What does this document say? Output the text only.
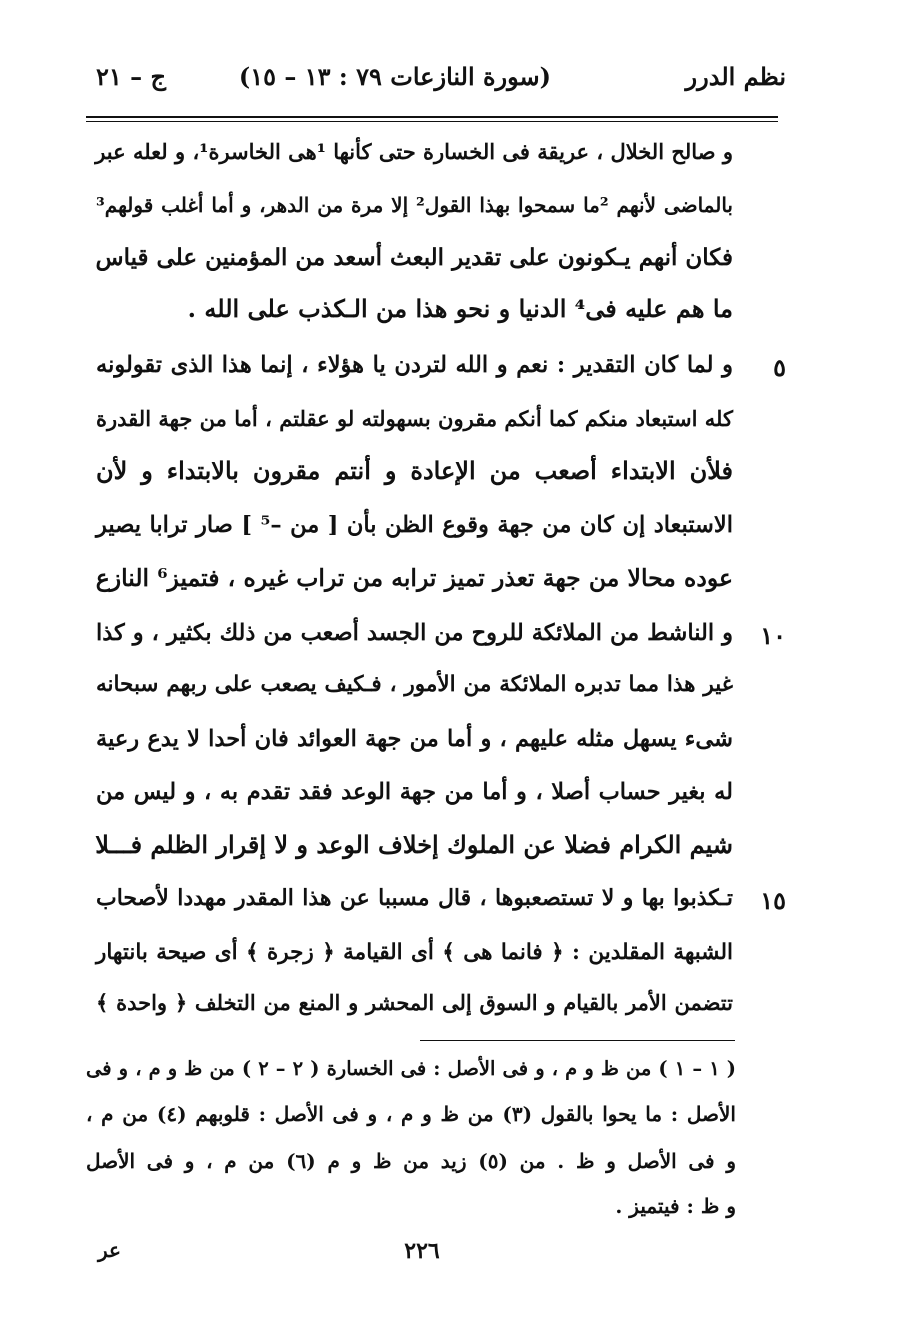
نظم الدرر
(سورة النازعات ٧٩ : ١٣ – ١٥)
ج – ٢١
و صالح الخلال ، عريقة فى الخسارة حتى كأنها ¹هى الخاسرة¹، و لعله عبر
بالماضى لأنهم ²ما سمحوا بهذا القول² إلا مرة من الدهر، و أما أغلب قولهم³
فكان أنهم يـكونون على تقدير البعث أسعد من المؤمنين على قياس
ما هم عليه فى⁴ الدنيا و نحو هذا من الـكذب على الله .
و لما كان التقدير : نعم و الله لتردن يا هؤلاء ، إنما هذا الذى تقولونه
كله استبعاد منكم كما أنكم مقرون بسهولته لو عقلتم ، أما من جهة القدرة
فلأن الابتداء أصعب من الإعادة و أنتم مقرون بالابتداء و لأن
الاستبعاد إن كان من جهة وقوع الظن بأن [ من –⁵ ] صار ترابا يصير
عوده محالا من جهة تعذر تميز ترابه من تراب غيره ، فتميز⁶ النازع
و الناشط من الملائكة للروح من الجسد أصعب من ذلك بكثير ، و كذا
غير هذا مما تدبره الملائكة من الأمور ، فـكيف يصعب على ربهم سبحانه
شىء يسهل مثله عليهم ، و أما من جهة العوائد فان أحدا لا يدع رعية
له بغير حساب أصلا ، و أما من جهة الوعد فقد تقدم به ، و ليس من
شيم الكرام فضلا عن الملوك إخلاف الوعد و لا إقرار الظلم فـــلا
تـكذبوا بها و لا تستصعبوها ، قال مسببا عن هذا المقدر مهددا لأصحاب
الشبهة المقلدين : ﴿ فانما هى ﴾ أى القيامة ﴿ زجرة ﴾ أى صيحة بانتهار
تتضمن الأمر بالقيام و السوق إلى المحشر و المنع من التخلف ﴿ واحدة ﴾
٥
١٠
١٥
( ١ – ١ ) من ظ و م ، و فى الأصل : فى الخسارة ( ٢ – ٢ ) من ظ و م ، و فى
الأصل : ما يحوا بالقول (٣) من ظ و م ، و فى الأصل : قلوبهم (٤) من م ،
و فى الأصل و ظ . من (٥) زيد من ظ و م (٦) من م ، و فى الأصل
و ظ : فيتميز .
٢٢٦
عر
